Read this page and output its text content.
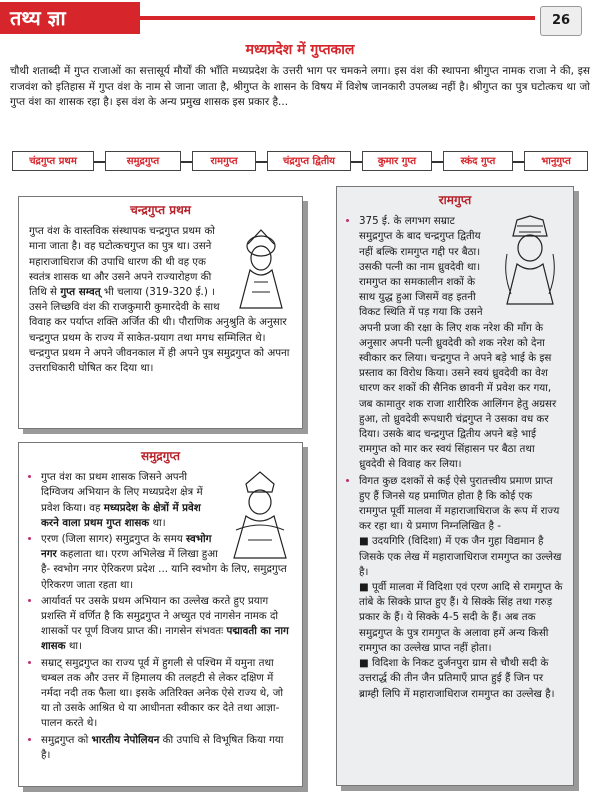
तथ्य ज्ञा	26
मध्यप्रदेश में गुप्तकाल
चौथी शताब्दी में गुप्त राजाओं का सत्तासूर्य मौर्यों की भाँति मध्यप्रदेश के उत्तरी भाग पर चमकने लगा। इस वंश की स्थापना श्रीगुप्त नामक राजा ने की, इस राजवंश को इतिहास में गुप्त वंश के नाम से जाना जाता है, श्रीगुप्त के शासन के विषय में विशेष जानकारी उपलब्ध नहीं है। श्रीगुप्त का पुत्र घटोत्कच था जो गुप्त वंश का शासक रहा है। इस वंश के अन्य प्रमुख शासक इस प्रकार है...
चंद्रगुप्त प्रथम	समुद्रगुप्त	रामगुप्त	चंद्रगुप्त द्वितीय	कुमार गुप्त	स्कंद गुप्त	भानुगुप्त
चन्द्रगुप्त प्रथम

गुप्त वंश के वास्तविक संस्थापक चन्द्रगुप्त प्रथम को माना जाता है। वह घटोत्कचगुप्त का पुत्र था। उसने महाराजाधिराज की उपाधि धारण की थी वह एक स्वतंत्र शासक था और उसने अपने राज्यारोहण की तिथि से गुप्त सम्वत् भी चलाया (319-320 ई.) । उसने लिच्छवि वंश की राजकुमारी कुमारदेवी के साथ विवाह कर पर्याप्त शक्ति अर्जित की थी। पौराणिक अनुश्रुति के अनुसार चन्द्रगुप्त प्रथम के राज्य में साकेत-प्रयाग तथा मगध सम्मिलित थे। चन्द्रगुप्त प्रथम ने अपने जीवनकाल में ही अपने पुत्र समुद्रगुप्त को अपना उत्तराधिकारी घोषित कर दिया था।

समुद्रगुप्त
• गुप्त वंश का प्रथम शासक जिसने अपनी दिग्विजय अभियान के लिए मध्यप्रदेश क्षेत्र में प्रवेश किया। वह मध्यप्रदेश के क्षेत्रों में प्रवेश करने वाला प्रथम गुप्त शासक था।
• एरण (जिला सागर) समुद्रगुप्त के समय स्वभोग नगर कहलाता था। एरण अभिलेख में लिखा हुआ है- स्वभोग नगर ऐरिकरण प्रदेश ... यानि स्वभोग के लिए, समुद्रगुप्त ऐरिकरण जाता रहता था।
• आर्यावर्त पर उसके प्रथम अभियान का उल्लेख करते हुए प्रयाग प्रशस्ति में वर्णित है कि समुद्रगुप्त ने अच्युत एवं नागसेन नामक दो शासकों पर पूर्ण विजय प्राप्त की। नागसेन संभवतः पद्मावती का नाग शासक था।
• सम्राट् समुद्रगुप्त का राज्य पूर्व में हुगली से पश्चिम में यमुना तथा चम्बल तक और उत्तर में हिमालय की तलहटी से लेकर दक्षिण में नर्मदा नदी तक फैला था। इसके अतिरिक्त अनेक ऐसे राज्य थे, जो या तो उसके आश्रित थे या आधीनता स्वीकार कर देते तथा आज्ञा-पालन करते थे।
• समुद्रगुप्त को भारतीय नेपोलियन की उपाधि से विभूषित किया गया है।
रामगुप्त
• 375 ई. के लगभग सम्राट समुद्रगुप्त के बाद चन्द्रगुप्त द्वितीय नहीं बल्कि रामगुप्त गद्दी पर बैठा। उसकी पत्नी का नाम ध्रुवदेवी था। रामगुप्त का समकालीन शकों के साथ युद्ध हुआ जिसमें वह इतनी विकट स्थिति में पड़ गया कि उसने अपनी प्रजा की रक्षा के लिए शक नरेश की माँग के अनुसार अपनी पत्नी ध्रुवदेवी को शक नरेश को देना स्वीकार कर लिया। चन्द्रगुप्त ने अपने बड़े भाई के इस प्रस्ताव का विरोध किया। उसने स्वयं ध्रुवदेवी का वेश धारण कर शकों की सैनिक छावनी में प्रवेश कर गया, जब कामातुर शक राजा शारीरिक आलिंगन हेतु अग्रसर हुआ, तो ध्रुवदेवी रूपधारी चंद्रगुप्त ने उसका वध कर दिया। उसके बाद चन्द्रगुप्त द्वितीय अपने बड़े भाई रामगुप्त को मार कर स्वयं सिंहासन पर बैठा तथा ध्रुवदेवी से विवाह कर लिया।
• विगत कुछ दशकों से कई ऐसे पुरातत्त्वीय प्रमाण प्राप्त हुए हैं जिनसे यह प्रमाणित होता है कि कोई एक रामगुप्त पूर्वी मालवा में महाराजाधिराज के रूप में राज्य कर रहा था। ये प्रमाण निम्नलिखित है -

■ उदयगिरि (विदिशा) में एक जैन गुहा विद्यमान है जिसके एक लेख में महाराजाधिराज रामगुप्त का उल्लेख है।

■ पूर्वी मालवा में विदिशा एवं एरण आदि से रामगुप्त के तांबे के सिक्के प्राप्त हुए हैं। ये सिक्के सिंह तथा गरुड़ प्रकार के हैं। ये सिक्के 4-5 सदी के हैं। अब तक समुद्रगुप्त के पुत्र रामगुप्त के अलावा हमें अन्य किसी रामगुप्त का उल्लेख प्राप्त नहीं होता।

■ विदिशा के निकट दुर्जनपुरा ग्राम से चौथी सदी के उत्तरार्द्ध की तीन जैन प्रतिमाएँ प्राप्त हुई हैं जिन पर ब्राम्ही लिपि में महाराजाधिराज रामगुप्त का उल्लेख है।
